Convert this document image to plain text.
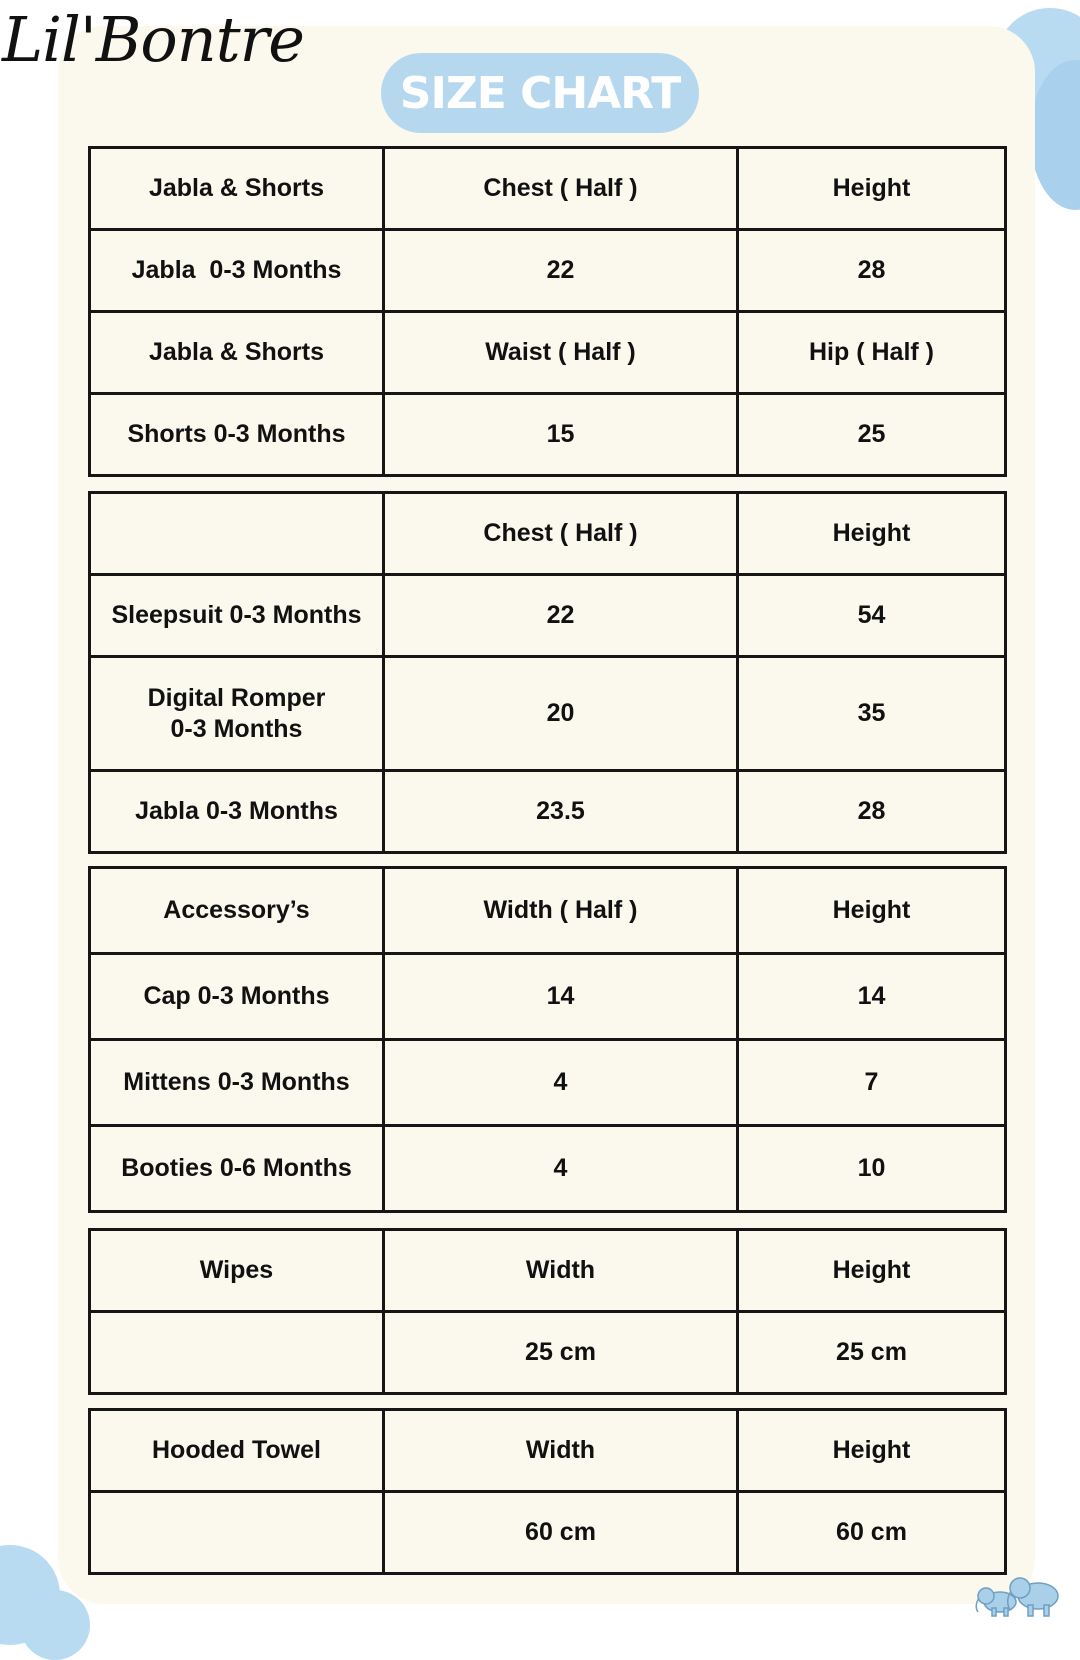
Lil'Bontre
SIZE CHART
Jabla & Shorts	Chest ( Half )	Height
Jabla  0-3 Months	22	28
Jabla & Shorts	Waist ( Half )	Hip ( Half )
Shorts 0-3 Months	15	25
	Chest ( Half )	Height
Sleepsuit 0-3 Months	22	54
Digital Romper
0-3 Months	20	35
Jabla 0-3 Months	23.5	28
Accessory’s	Width ( Half )	Height
Cap 0-3 Months	14	14
Mittens 0-3 Months	4	7
Booties 0-6 Months	4	10
Wipes	Width	Height
	25 cm	25 cm
Hooded Towel	Width	Height
	60 cm	60 cm
